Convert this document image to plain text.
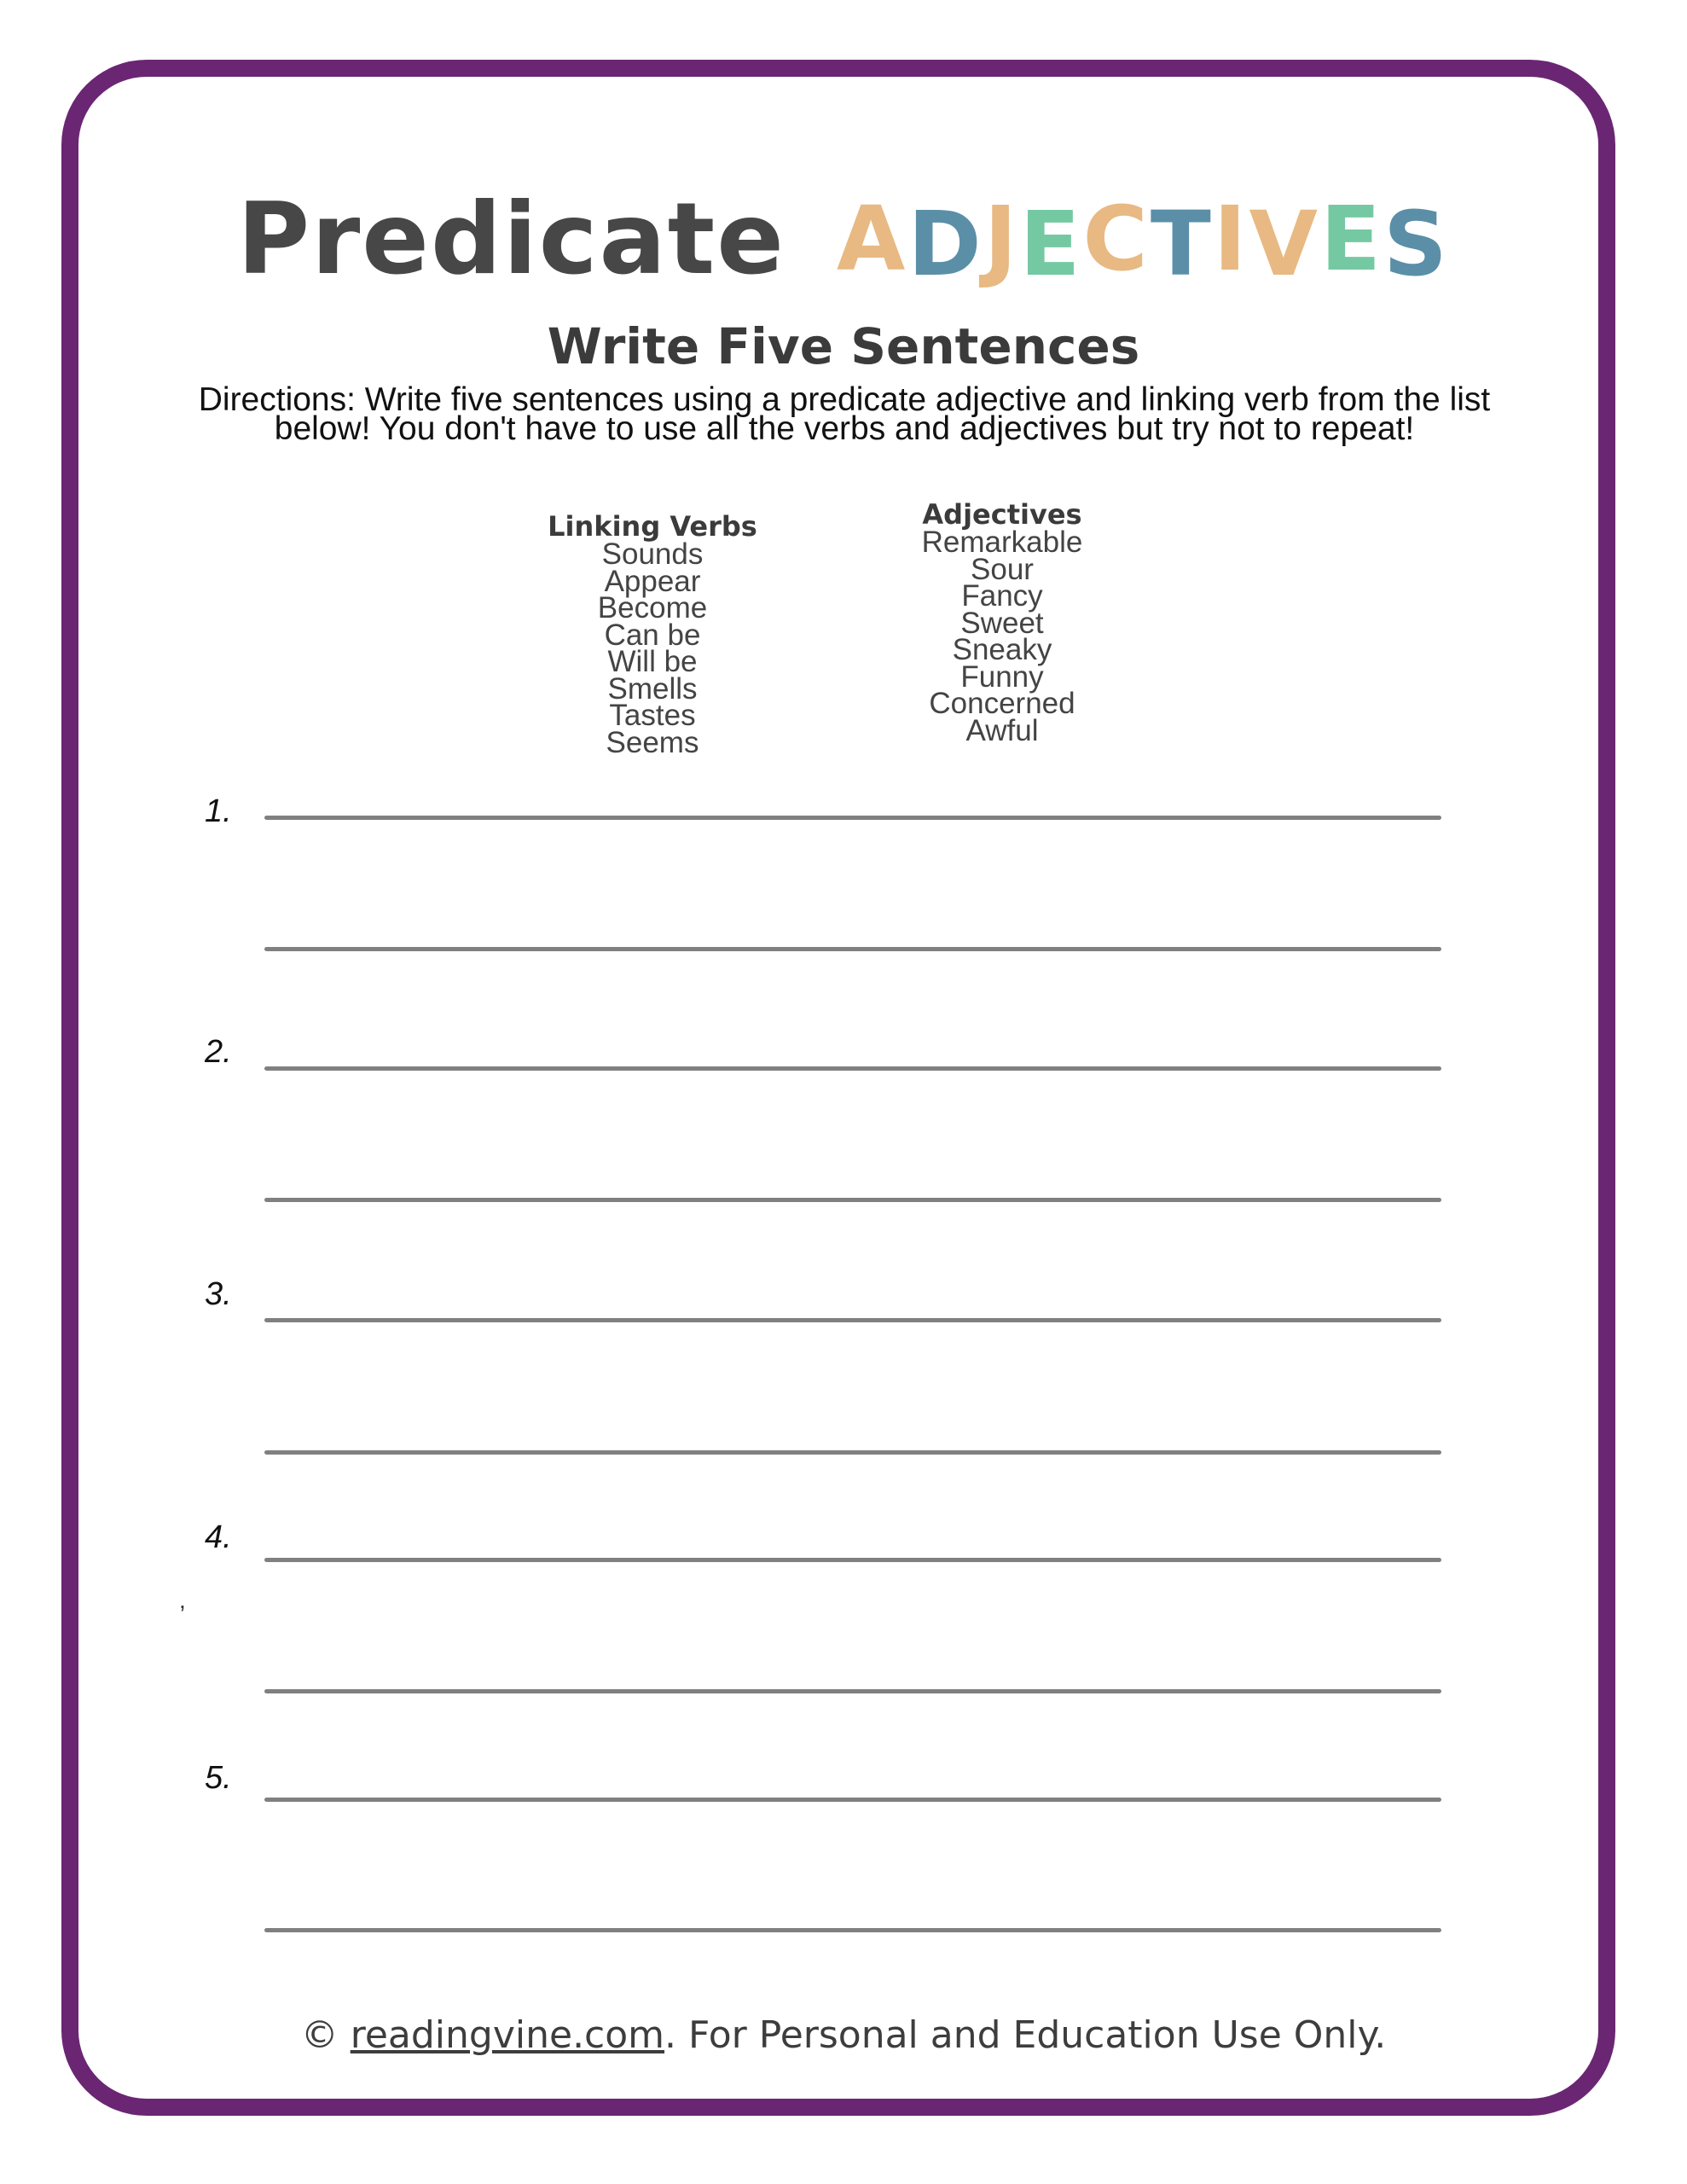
Predicate A D J E C T I V E S
Write Five Sentences
Directions: Write five sentences using a predicate adjective and linking verb from the list below! You don't have to use all the verbs and adjectives but try not to repeat!
Linking Verbs
Sounds
Appear
Become
Can be
Will be
Smells
Tastes
Seems
Adjectives
Remarkable
Sour
Fancy
Sweet
Sneaky
Funny
Concerned
Awful
1.
2.
3.
4.
,
5.
© readingvine.com. For Personal and Education Use Only.
